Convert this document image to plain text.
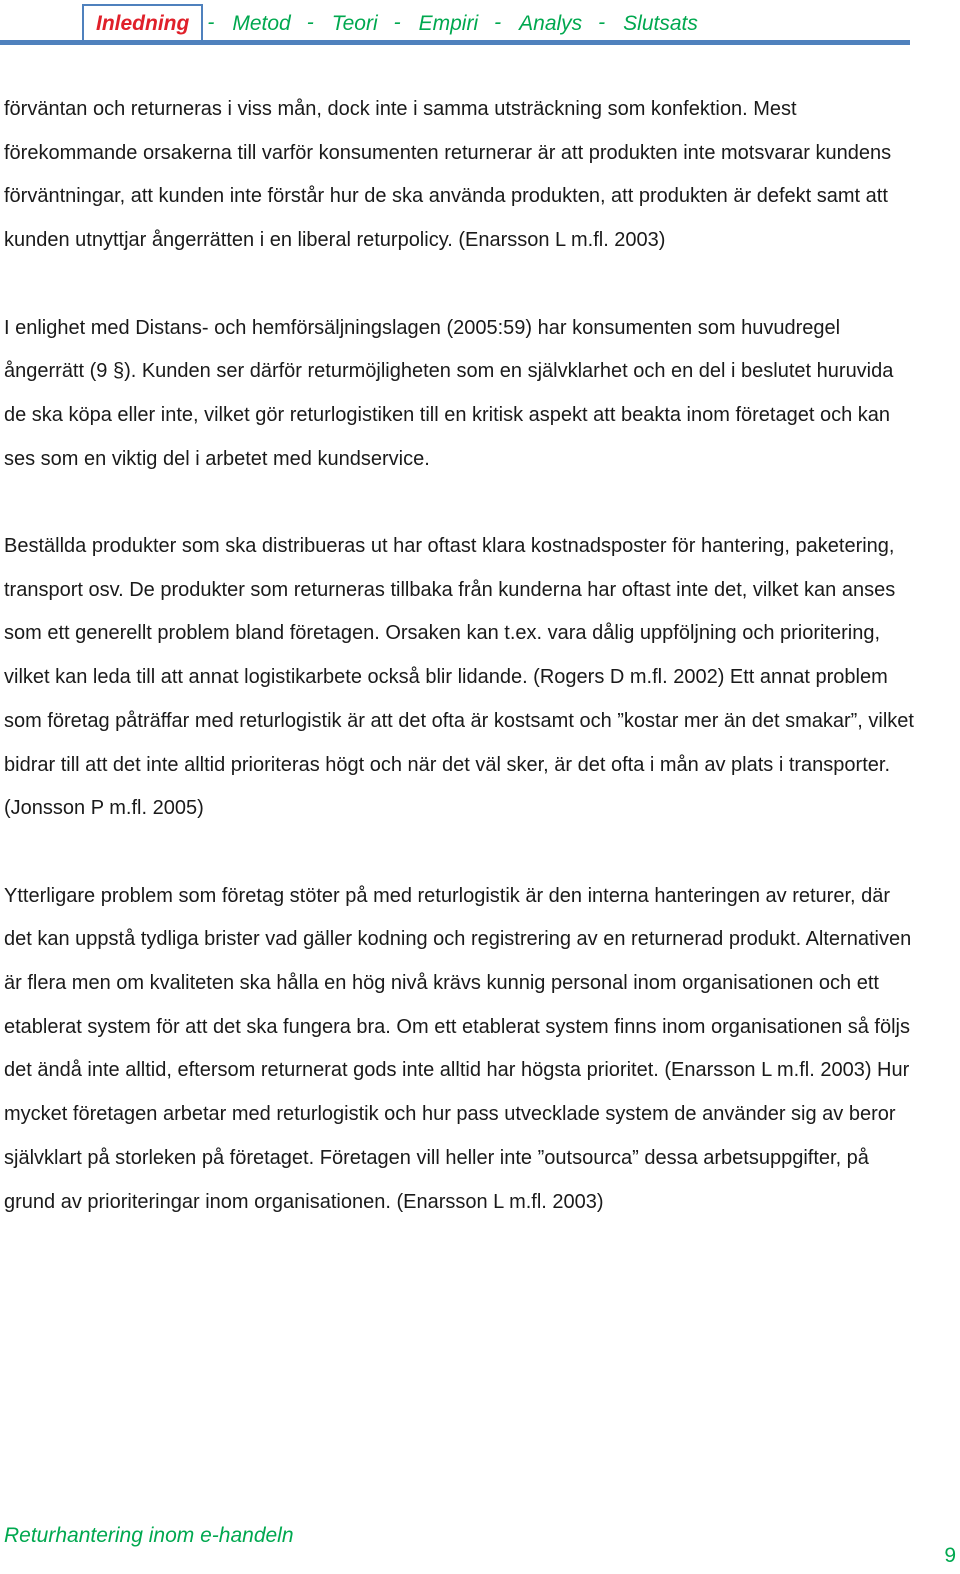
Inledning - Metod - Teori - Empiri - Analys - Slutsats

förväntan och returneras i viss mån, dock inte i samma utsträckning som konfektion. Mest förekommande orsakerna till varför konsumenten returnerar är att produkten inte motsvarar kundens förväntningar, att kunden inte förstår hur de ska använda produkten, att produkten är defekt samt att kunden utnyttjar ångerrätten i en liberal returpolicy. (Enarsson L m.fl. 2003)

I enlighet med Distans- och hemförsäljningslagen (2005:59) har konsumenten som huvudregel ångerrätt (9 §). Kunden ser därför returmöjligheten som en självklarhet och en del i beslutet huruvida de ska köpa eller inte, vilket gör returlogistiken till en kritisk aspekt att beakta inom företaget och kan ses som en viktig del i arbetet med kundservice.

Beställda produkter som ska distribueras ut har oftast klara kostnadsposter för hantering, paketering, transport osv. De produkter som returneras tillbaka från kunderna har oftast inte det, vilket kan anses som ett generellt problem bland företagen. Orsaken kan t.ex. vara dålig uppföljning och prioritering, vilket kan leda till att annat logistikarbete också blir lidande. (Rogers D m.fl. 2002) Ett annat problem som företag påträffar med returlogistik är att det ofta är kostsamt och ”kostar mer än det smakar”, vilket bidrar till att det inte alltid prioriteras högt och när det väl sker, är det ofta i mån av plats i transporter. (Jonsson P m.fl. 2005)

Ytterligare problem som företag stöter på med returlogistik är den interna hanteringen av returer, där det kan uppstå tydliga brister vad gäller kodning och registrering av en returnerad produkt. Alternativen är flera men om kvaliteten ska hålla en hög nivå krävs kunnig personal inom organisationen och ett etablerat system för att det ska fungera bra. Om ett etablerat system finns inom organisationen så följs det ändå inte alltid, eftersom returnerat gods inte alltid har högsta prioritet. (Enarsson L m.fl. 2003) Hur mycket företagen arbetar med returlogistik och hur pass utvecklade system de använder sig av beror självklart på storleken på företaget. Företagen vill heller inte ”outsourca” dessa arbetsuppgifter, på grund av prioriteringar inom organisationen. (Enarsson L m.fl. 2003)

Returhantering inom e-handeln
9
